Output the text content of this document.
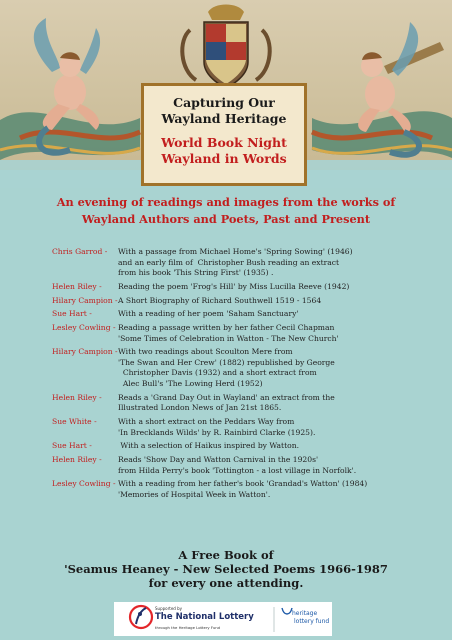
Capturing Our
Wayland Heritage
World Book Night
Wayland in Words
An evening of readings and images from the works of
Wayland Authors and Poets, Past and Present
Chris Garrod -	With a passage from Michael Home's 'Spring Sowing' (1946)
and an early film of  Christopher Bush reading an extract
from his book 'This String First' (1935) .
Helen Riley -	Reading the poem 'Frog's Hill' by Miss Lucilla Reeve (1942)
Hilary Campion - A Short Biography of Richard Southwell 1519 - 1564
Sue Hart -	With a reading of her poem 'Saham Sanctuary'
Lesley Cowling - Reading a passage written by her father Cecil Chapman
'Some Times of Celebration in Watton - The New Church'
Hilary Campion - With two readings about Scoulton Mere from
'The Swan and Her Crew' (1882) republished by George
Christopher Davis (1932) and a short extract from
Alec Bull's 'The Lowing Herd (1952)
Helen Riley -	Reads a 'Grand Day Out in Wayland' an extract from the
Illustrated London News of Jan 21st 1865.
Sue White -	With a short extract on the Peddars Way from
'In Brecklands Wilds' by R. Rainbird Clarke (1925).
Sue Hart -	With a selection of Haikus inspired by Watton.
Helen Riley -	Reads 'Show Day and Watton Carnival in the 1920s'
from Hilda Perry's book 'Tottington - a lost village in Norfolk'.
Lesley Cowling - With a reading from her father's book 'Grandad's Watton' (1984)
'Memories of Hospital Week in Watton'.
A Free Book of
'Seamus Heaney - New Selected Poems 1966-1987
for every one attending.
Supported by
The National Lottery
through the Heritage Lottery Fund
heritage
lottery fund
